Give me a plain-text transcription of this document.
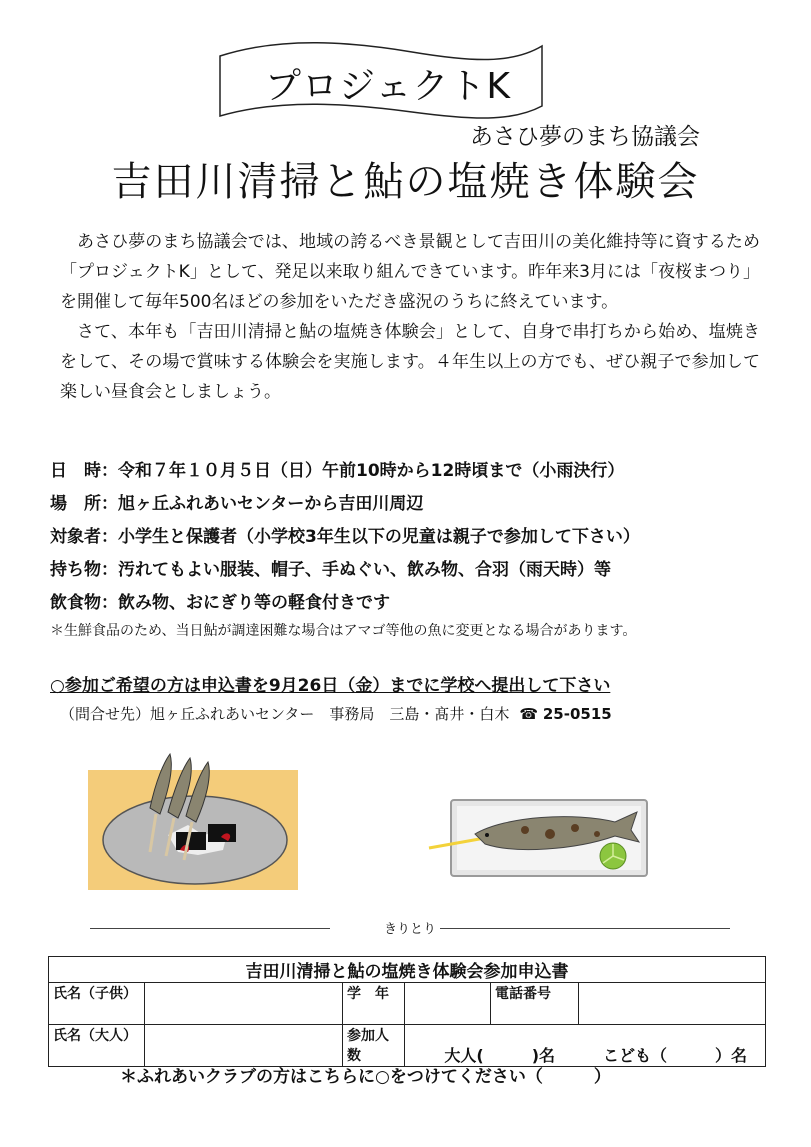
プロジェクトK
あさひ夢のまち協議会
吉田川清掃と鮎の塩焼き体験会

あさひ夢のまち協議会では、地域の誇るべき景観として吉田川の美化維持等に資するため「プロジェクトK」として、発足以来取り組んできています。昨年来3月には「夜桜まつり」を開催して毎年500名ほどの参加をいただき盛況のうちに終えています。

さて、本年も「吉田川清掃と鮎の塩焼き体験会」として、自身で串打ちから始め、塩焼きをして、その場で賞味する体験会を実施します。４年生以上の方でも、ぜひ親子で参加して楽しい昼食会としましょう。

日　時：令和７年１０月５日（日）午前10時から12時頃まで（小雨決行）
場　所：旭ヶ丘ふれあいセンターから吉田川周辺
対象者：小学生と保護者（小学校3年生以下の児童は親子で参加して下さい）
持ち物：汚れてもよい服装、帽子、手ぬぐい、飲み物、合羽（雨天時）等
飲食物：飲み物、おにぎり等の軽食付きです
＊生鮮食品のため、当日鮎が調達困難な場合はアマゴ等他の魚に変更となる場合があります。
○参加ご希望の方は申込書を9月26日（金）までに学校へ提出して下さい
（問合せ先）旭ヶ丘ふれあいセンター　事務局　三島・髙井・白木 ☎ 25-0515
きりとり
吉田川清掃と鮎の塩焼き体験会参加申込書					
氏名（子供）		学　年		電話番号	
氏名（大人）		参加人数	大人(　　　)名　　　こども（　　　）名		
＊ふれあいクラブの方はこちらに○をつけてください（　　　）
